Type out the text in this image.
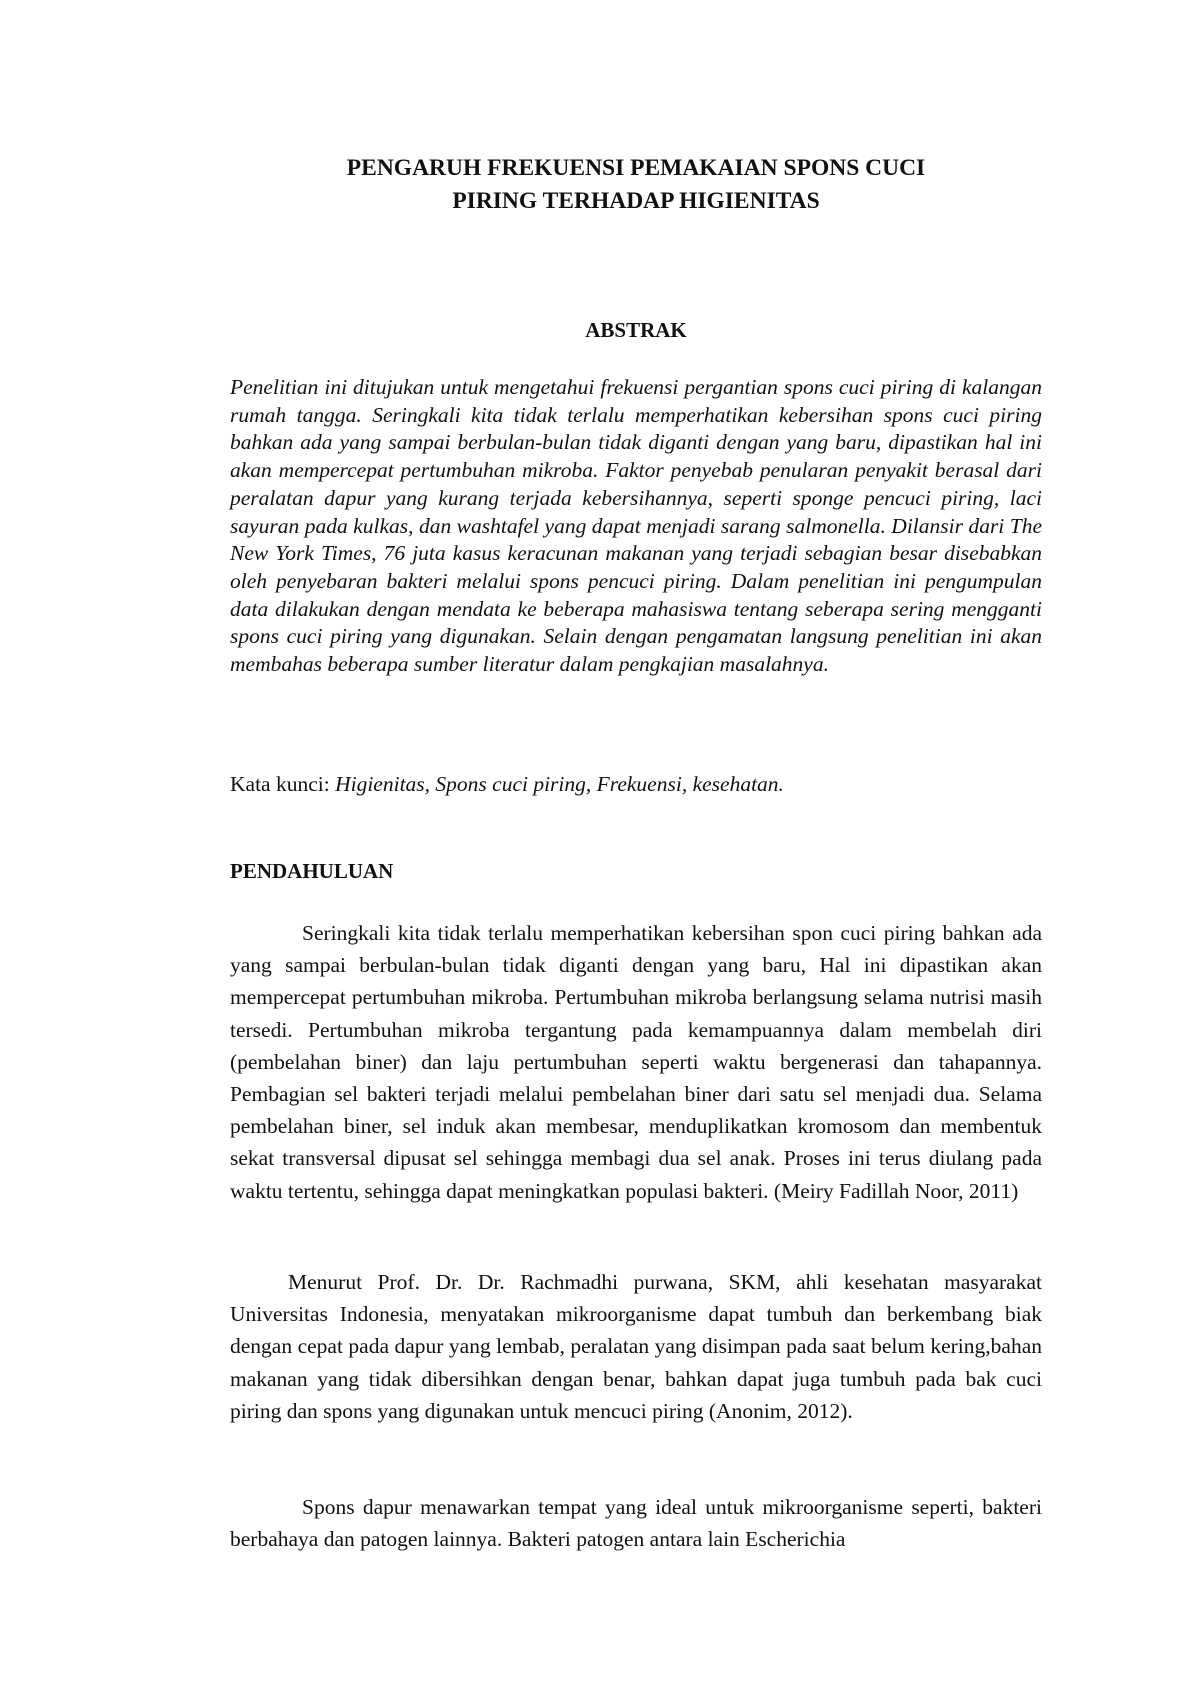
PENGARUH FREKUENSI PEMAKAIAN SPONS CUCI
PIRING TERHADAP HIGIENITAS
ABSTRAK

Penelitian ini ditujukan untuk mengetahui frekuensi pergantian spons cuci piring di kalangan rumah tangga. Seringkali kita tidak terlalu memperhatikan kebersihan spons cuci piring bahkan ada yang sampai berbulan-bulan tidak diganti dengan yang baru, dipastikan hal ini akan mempercepat pertumbuhan mikroba. Faktor penyebab penularan penyakit berasal dari peralatan dapur yang kurang terjada kebersihannya, seperti sponge pencuci piring, laci sayuran pada kulkas, dan washtafel yang dapat menjadi sarang salmonella. Dilansir dari The New York Times, 76 juta kasus keracunan makanan yang terjadi sebagian besar disebabkan oleh penyebaran bakteri melalui spons pencuci piring. Dalam penelitian ini pengumpulan data dilakukan dengan mendata ke beberapa mahasiswa tentang seberapa sering mengganti spons cuci piring yang digunakan. Selain dengan pengamatan langsung penelitian ini akan membahas beberapa sumber literatur dalam pengkajian masalahnya.

Kata kunci: Higienitas, Spons cuci piring, Frekuensi, kesehatan.

PENDAHULUAN

Seringkali kita tidak terlalu memperhatikan kebersihan spon cuci piring bahkan ada yang sampai berbulan-bulan tidak diganti dengan yang baru, Hal ini dipastikan akan mempercepat pertumbuhan mikroba. Pertumbuhan mikroba berlangsung selama nutrisi masih tersedi. Pertumbuhan mikroba tergantung pada kemampuannya dalam membelah diri (pembelahan biner) dan laju pertumbuhan seperti waktu bergenerasi dan tahapannya. Pembagian sel bakteri terjadi melalui pembelahan biner dari satu sel menjadi dua. Selama pembelahan biner, sel induk akan membesar, menduplikatkan kromosom dan membentuk sekat transversal dipusat sel sehingga membagi dua sel anak. Proses ini terus diulang pada waktu tertentu, sehingga dapat meningkatkan populasi bakteri. (Meiry Fadillah Noor, 2011)

Menurut Prof. Dr. Dr. Rachmadhi purwana, SKM, ahli kesehatan masyarakat Universitas Indonesia, menyatakan mikroorganisme dapat tumbuh dan berkembang biak dengan cepat pada dapur yang lembab, peralatan yang disimpan pada saat belum kering,bahan makanan yang tidak dibersihkan dengan benar, bahkan dapat juga tumbuh pada bak cuci piring dan spons yang digunakan untuk mencuci piring (Anonim, 2012).

Spons dapur menawarkan tempat yang ideal untuk mikroorganisme seperti, bakteri berbahaya dan patogen lainnya. Bakteri patogen antara lain Escherichia
